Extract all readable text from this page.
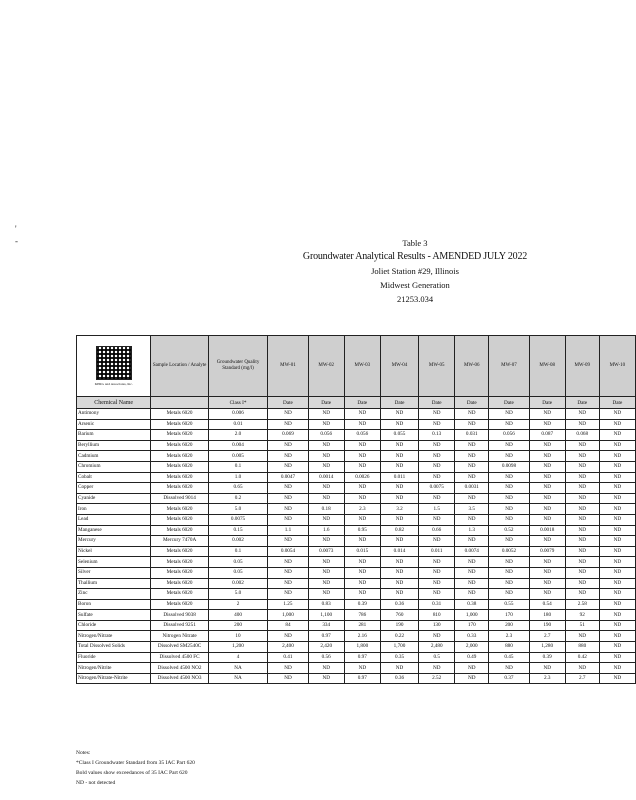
'
-	Table 3
Groundwater Analytical Results - AMENDED JULY 2022
Joliet Station #29, Illinois
Midwest Generation
21253.034
KPRG and Associates, Inc.	Sample Location / Analyte	Groundwater Quality Standard (mg/l)	MW-01	MW-02	MW-03	MW-04	MW-05	MW-06	MW-07	MW-08	MW-09	MW-10

Chemical Name		Class I*	Date	Date	Date	Date	Date	Date	Date	Date	Date	Date
Antimony	Metals 6020	0.006	ND	ND	ND	ND	ND	ND	ND	ND	ND	ND
Arsenic	Metals 6020	0.01	ND	ND	ND	ND	ND	ND	ND	ND	ND	ND
Barium	Metals 6020	2.0	0.069	0.056	0.056	0.055	0.13	0.031	0.056	0.087	0.068	ND
Beryllium	Metals 6020	0.004	ND	ND	ND	ND	ND	ND	ND	ND	ND	ND
Cadmium	Metals 6020	0.005	ND	ND	ND	ND	ND	ND	ND	ND	ND	ND
Chromium	Metals 6020	0.1	ND	ND	ND	ND	ND	ND	0.0098	ND	ND	ND
Cobalt	Metals 6020	1.0	0.0047	0.0014	0.0026	0.011	ND	ND	ND	ND	ND	ND
Copper	Metals 6020	0.65	ND	ND	ND	ND	0.0075	0.0031	ND	ND	ND	ND
Cyanide	Dissolved 9014	0.2	ND	ND	ND	ND	ND	ND	ND	ND	ND	ND
Iron	Metals 6020	5.0	ND	0.18	2.3	3.2	1.5	3.5	ND	ND	ND	ND
Lead	Metals 6020	0.0075	ND	ND	ND	ND	ND	ND	ND	ND	ND	ND
Manganese	Metals 6020	0.15	1.1	1.6	0.95	0.82	0.66	1.3	0.52	0.0018	ND	ND
Mercury	Mercury 7470A	0.002	ND	ND	ND	ND	ND	ND	ND	ND	ND	ND
Nickel	Metals 6020	0.1	0.0054	0.0073	0.015	0.014	0.011	0.0074	0.0052	0.0079	ND	ND
Selenium	Metals 6020	0.05	ND	ND	ND	ND	ND	ND	ND	ND	ND	ND
Silver	Metals 6020	0.05	ND	ND	ND	ND	ND	ND	ND	ND	ND	ND
Thallium	Metals 6020	0.002	ND	ND	ND	ND	ND	ND	ND	ND	ND	ND
Zinc	Metals 6020	5.0	ND	ND	ND	ND	ND	ND	ND	ND	ND	ND
Boron	Metals 6020	2	1.25	0.83	0.39	0.36	0.31	0.38	0.55	0.54	2.58	ND
Sulfate	Dissolved 9038	400	1,000	1,100	786	760	810	1,000	170	180	92	ND
Chloride	Dissolved 9251	200	84	334	281	190	130	170	200	190	51	ND
Nitrogen/Nitrate	Nitrogen Nitrate	10	ND	0.97	2.16	0.22	ND	0.33	2.3	2.7	ND	ND
Total Dissolved Solids	Dissolved SM2540C	1,200	2,400	2,420	1,800	1,700	2,480	2,000	880	1,280	880	ND
Fluoride	Dissolved 4500 FC	4	0.41	0.56	0.97	0.35	0.5	0.49	0.45	0.39	0.42	ND
Nitrogen/Nitrite	Dissolved 4500 NO2	NA	ND	ND	ND	ND	ND	ND	ND	ND	ND	ND
Nitrogen/Nitrate-Nitrite	Dissolved 4500 NO3	NA	ND	ND	0.97	0.36	2.52	ND	0.37	2.3	2.7	ND
Notes:
*Class I Groundwater Standard from 35 IAC Part 620
Bold values show exceedances of 35 IAC Part 620
ND - not detected
